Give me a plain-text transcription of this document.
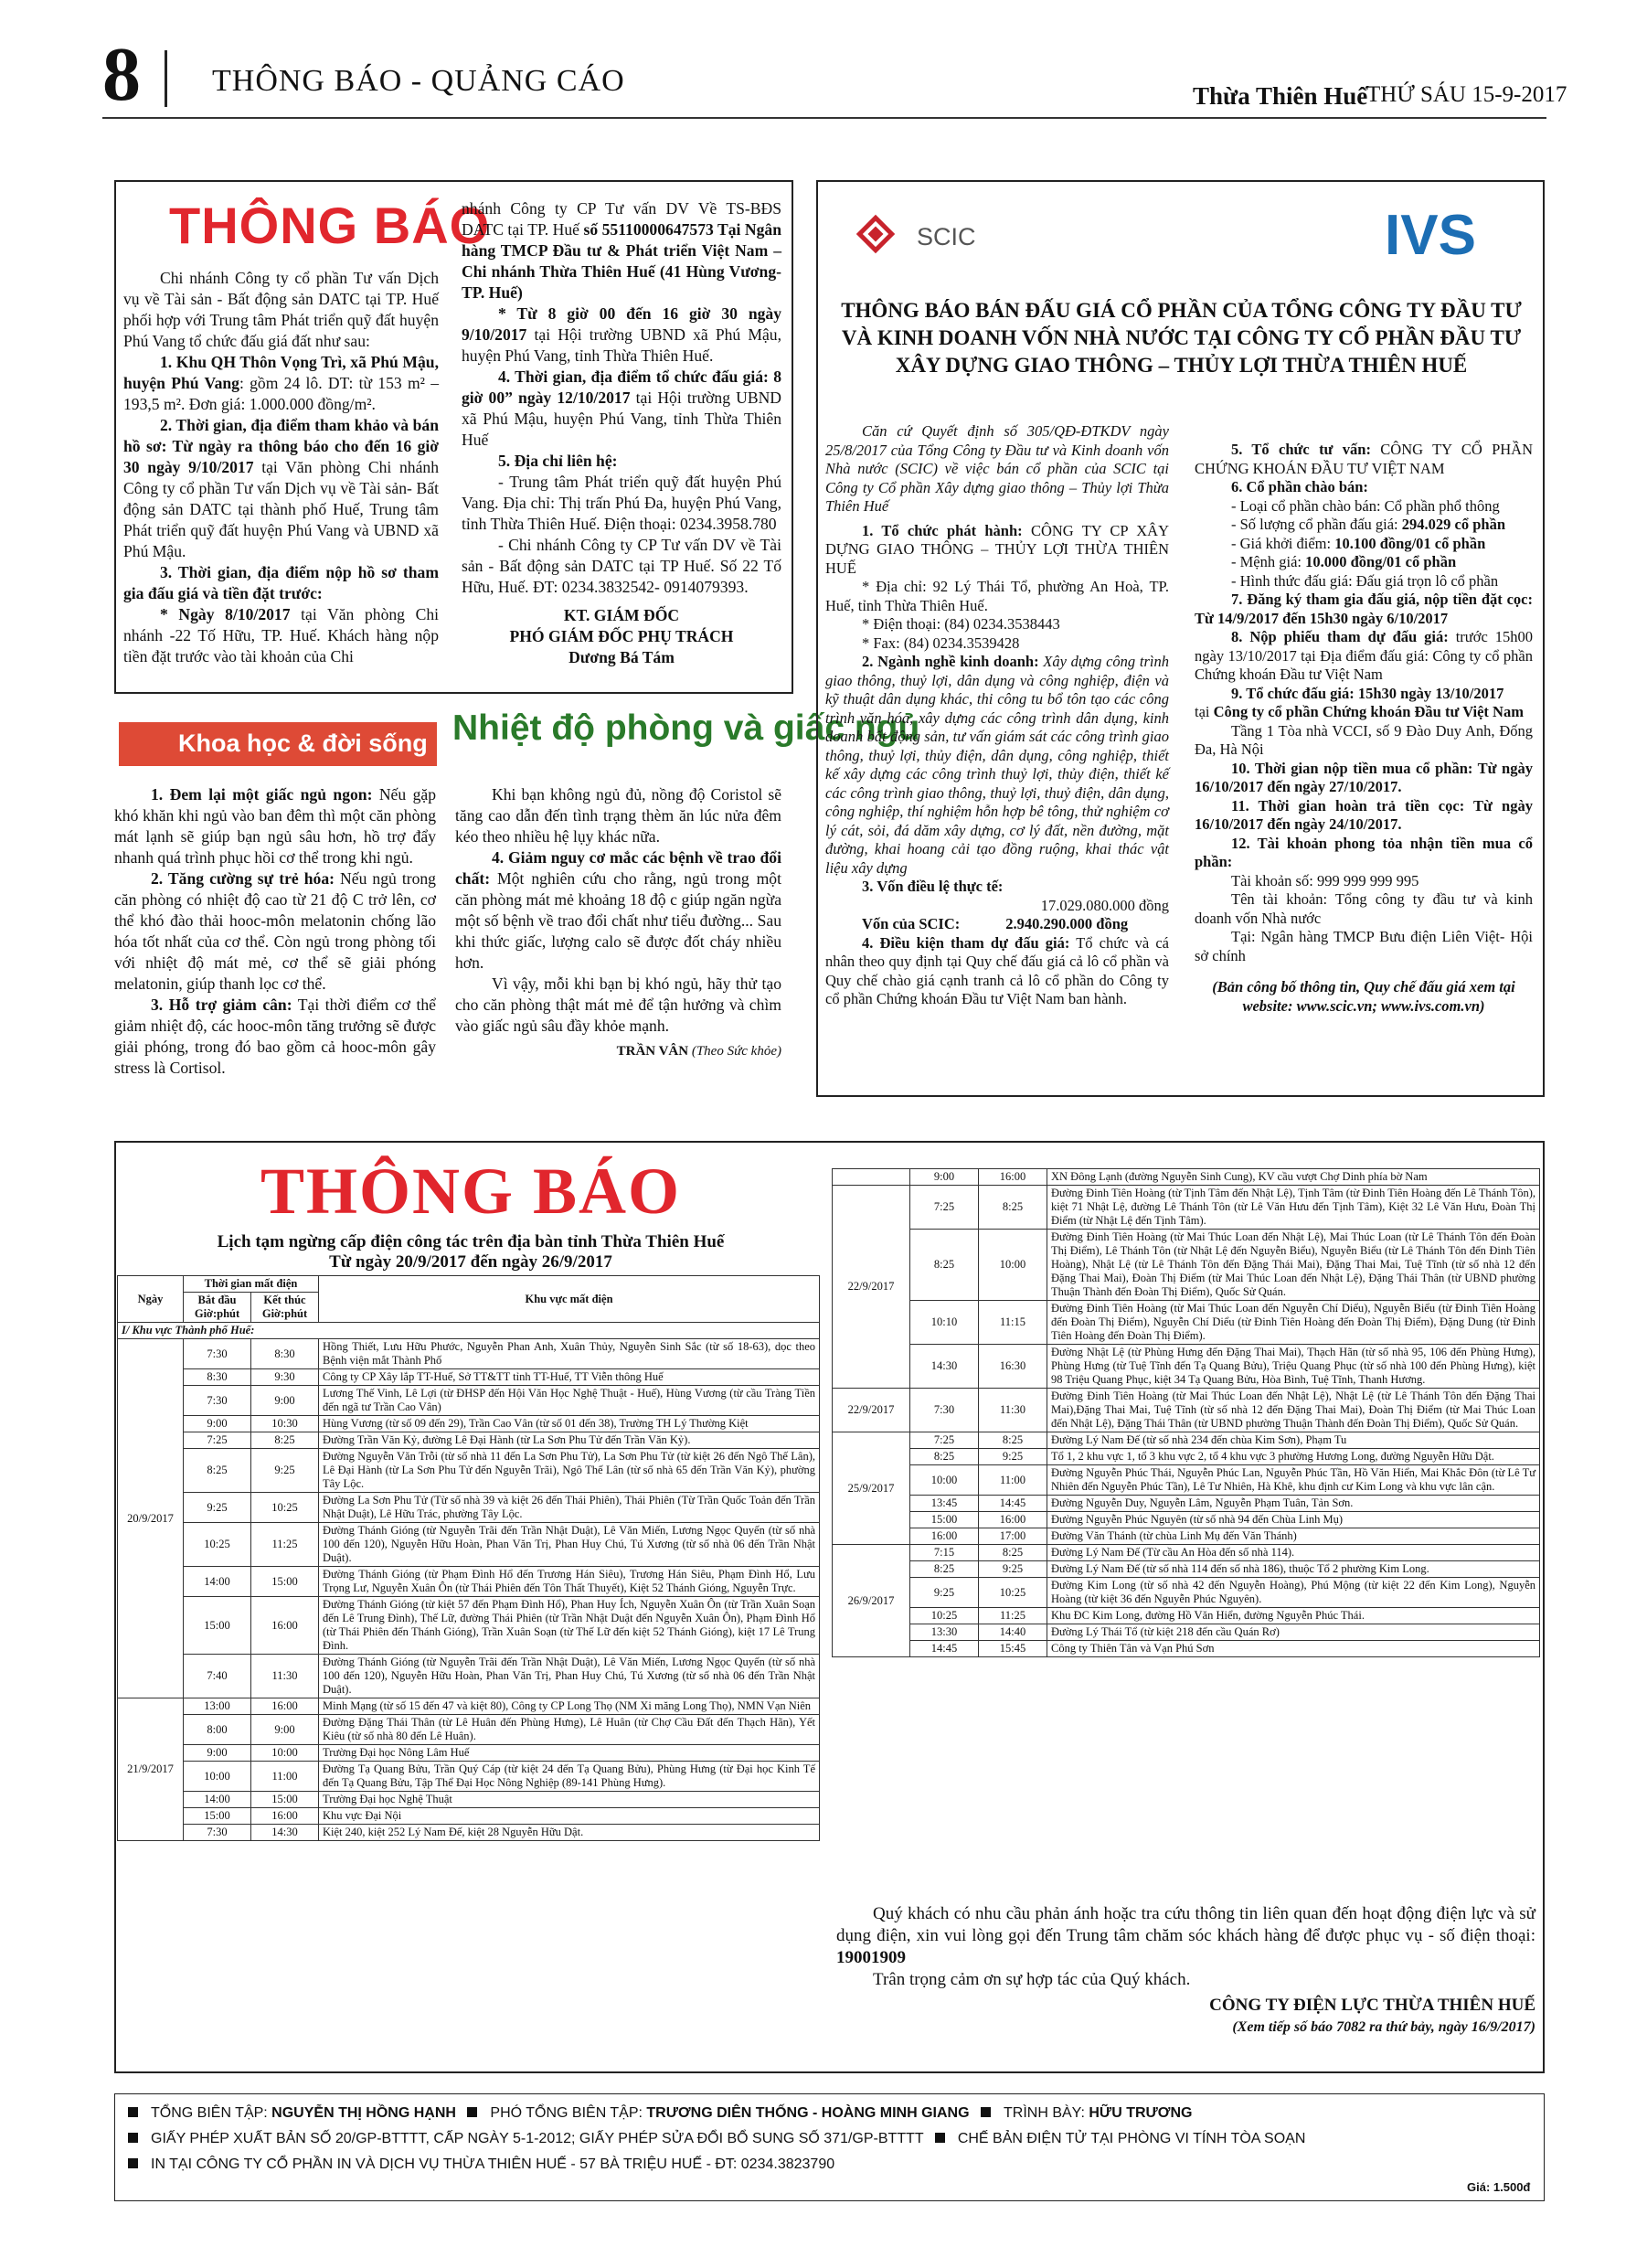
8 THÔNG BÁO - QUẢNG CÁO	Thừa Thiên Huế
THỨ SÁU 15-9-2017
THÔNG BÁO

Chi nhánh Công ty cổ phần Tư vấn Dịch vụ về Tài sản - Bất động sản DATC tại TP. Huế phối hợp với Trung tâm Phát triển quỹ đất huyện Phú Vang tổ chức đấu giá đất như sau:

1. Khu QH Thôn Vọng Trì, xã Phú Mậu, huyện Phú Vang: gồm 24 lô. DT: từ 153 m² – 193,5 m². Đơn giá: 1.000.000 đồng/m².

2. Thời gian, địa điểm tham khảo và bán hồ sơ: Từ ngày ra thông báo cho đến 16 giờ 30 ngày 9/10/2017 tại Văn phòng Chi nhánh Công ty cổ phần Tư vấn Dịch vụ về Tài sản- Bất động sản DATC tại thành phố Huế, Trung tâm Phát triển quỹ đất huyện Phú Vang và UBND xã Phú Mậu.

3. Thời gian, địa điểm nộp hồ sơ tham gia đấu giá và tiền đặt trước:

* Ngày 8/10/2017 tại Văn phòng Chi nhánh -22 Tố Hữu, TP. Huế. Khách hàng nộp tiền đặt trước vào tài khoản của Chi

nhánh Công ty CP Tư vấn DV Về TS-BĐS DATC tại TP. Huế số 55110000647573 Tại Ngân hàng TMCP Đầu tư & Phát triển Việt Nam – Chi nhánh Thừa Thiên Huế (41 Hùng Vương-TP. Huế)

* Từ 8 giờ 00 đến 16 giờ 30 ngày 9/10/2017 tại Hội trường UBND xã Phú Mậu, huyện Phú Vang, tỉnh Thừa Thiên Huế.

4. Thời gian, địa điểm tổ chức đấu giá: 8 giờ 00” ngày 12/10/2017 tại Hội trường UBND xã Phú Mậu, huyện Phú Vang, tỉnh Thừa Thiên Huế

5. Địa chỉ liên hệ:

- Trung tâm Phát triển quỹ đất huyện Phú Vang. Địa chỉ: Thị trấn Phú Đa, huyện Phú Vang, tỉnh Thừa Thiên Huế. Điện thoại: 0234.3958.780

- Chi nhánh Công ty CP Tư vấn DV về Tài sản - Bất động sản DATC tại TP Huế. Số 22 Tố Hữu, Huế. ĐT: 0234.3832542- 0914079393.

KT. GIÁM ĐỐC

PHÓ GIÁM ĐỐC PHỤ TRÁCH

Dương Bá Tám

Khoa học & đời sống Nhiệt độ phòng và giấc ngủ

1. Đem lại một giấc ngủ ngon: Nếu gặp khó khăn khi ngủ vào ban đêm thì một căn phòng mát lạnh sẽ giúp bạn ngủ sâu hơn, hồ trợ đẩy nhanh quá trình phục hồi cơ thể trong khi ngủ.

2. Tăng cường sự trẻ hóa: Nếu ngủ trong căn phòng có nhiệt độ cao từ 21 độ C trở lên, cơ thể khó đào thải hooc-môn melatonin chống lão hóa tốt nhất của cơ thể. Còn ngủ trong phòng tối với nhiệt độ mát mẻ, cơ thể sẽ giải phóng melatonin, giúp thanh lọc cơ thể.

3. Hỗ trợ giảm cân: Tại thời điểm cơ thể giảm nhiệt độ, các hooc-môn tăng trưởng sẽ được giải phóng, trong đó bao gồm cả hooc-môn gây stress là Cortisol.

Khi bạn không ngủ đủ, nồng độ Coristol sẽ tăng cao dẫn đến tình trạng thèm ăn lúc nửa đêm kéo theo nhiều hệ lụy khác nữa.

4. Giảm nguy cơ mắc các bệnh về trao đổi chất: Một nghiên cứu cho rằng, ngủ trong một căn phòng mát mẻ khoảng 18 độ c giúp ngăn ngừa một số bệnh về trao đổi chất như tiểu đường... Sau khi thức giấc, lượng calo sẽ được đốt cháy nhiều hơn.

Vì vậy, mỗi khi bạn bị khó ngủ, hãy thử tạo cho căn phòng thật mát mẻ để tận hưởng và chìm vào giấc ngủ sâu đầy khỏe mạnh.

TRẦN VÂN (Theo Sức khỏe)

SCIC	IVS
THÔNG BÁO BÁN ĐẤU GIÁ CỔ PHẦN CỦA TỔNG CÔNG TY ĐẦU TƯ VÀ KINH DOANH VỐN NHÀ NƯỚC TẠI CÔNG TY CỔ PHẦN ĐẦU TƯ XÂY DỰNG GIAO THÔNG – THỦY LỢI THỪA THIÊN HUẾ

Căn cứ Quyết định số 305/QĐ-ĐTKDV ngày 25/8/2017 của Tổng Công ty Đầu tư và Kinh doanh vốn Nhà nước (SCIC) về việc bán cổ phần của SCIC tại Công ty Cổ phần Xây dựng giao thông – Thủy lợi Thừa Thiên Huế

1. Tổ chức phát hành: CÔNG TY CP XÂY DỰNG GIAO THÔNG – THỦY LỢI THỪA THIÊN HUẾ

* Địa chỉ: 92 Lý Thái Tổ, phường An Hoà, TP. Huế, tỉnh Thừa Thiên Huế.

* Điện thoại: (84) 0234.3538443

* Fax: (84) 0234.3539428

2. Ngành nghề kinh doanh: Xây dựng công trình giao thông, thuỷ lợi, dân dụng và công nghiệp, điện và kỹ thuật dân dụng khác, thi công tu bổ tôn tạo các công trình văn hóa, xây dựng các công trình dân dụng, kinh doanh bất động sản, tư vấn giám sát các công trình giao thông, thuỷ lợi, thủy điện, dân dụng, công nghiệp, thiết kế xây dựng các công trình thuỷ lợi, thủy điện, thiết kế các công trình giao thông, thuỷ lợi, thuỷ điện, dân dụng, công nghiệp, thí nghiệm hỗn hợp bê tông, thử nghiệm cơ lý cát, sỏi, đá dăm xây dựng, cơ lý đất, nền đường, mặt đường, khai hoang cải tạo đồng ruộng, khai thác vật liệu xây dựng

3. Vốn điều lệ thực tế:

17.029.080.000 đồng

Vốn của SCIC:	2.940.290.000 đồng

4. Điều kiện tham dự đấu giá: Tổ chức và cá nhân theo quy định tại Quy chế đấu giá cả lô cổ phần và Quy chế chào giá cạnh tranh cả lô cổ phần do Công ty cổ phần Chứng khoán Đầu tư Việt Nam ban hành.

5. Tổ chức tư vấn: CÔNG TY CỔ PHẦN CHỨNG KHOÁN ĐẦU TƯ VIỆT NAM

6. Cổ phần chào bán:

- Loại cổ phần chào bán: Cổ phần phổ thông

- Số lượng cổ phần đấu giá: 294.029 cổ phần

- Giá khởi điểm: 10.100 đồng/01 cổ phần

- Mệnh giá: 10.000 đồng/01 cổ phần

- Hình thức đấu giá: Đấu giá trọn lô cổ phần

7. Đăng ký tham gia đấu giá, nộp tiền đặt cọc: Từ 14/9/2017 đến 15h30 ngày 6/10/2017

8. Nộp phiếu tham dự đấu giá: trước 15h00 ngày 13/10/2017 tại Địa điểm đấu giá: Công ty cổ phần Chứng khoán Đầu tư Việt Nam

9. Tổ chức đấu giá: 15h30 ngày 13/10/2017

tại Công ty cổ phần Chứng khoán Đầu tư Việt Nam

Tầng 1 Tòa nhà VCCI, số 9 Đào Duy Anh, Đống Đa, Hà Nội

10. Thời gian nộp tiền mua cổ phần: Từ ngày 16/10/2017 đến ngày 27/10/2017.

11. Thời gian hoàn trả tiền cọc: Từ ngày 16/10/2017 đến ngày 24/10/2017.

12. Tài khoản phong tỏa nhận tiền mua cổ phần:

Tài khoản số: 999 999 999 995

Tên tài khoản: Tổng công ty đầu tư và kinh doanh vốn Nhà nước

Tại: Ngân hàng TMCP Bưu điện Liên Việt- Hội sở chính

(Bản công bố thông tin, Quy chế đấu giá xem tại website: www.scic.vn; www.ivs.com.vn)

THÔNG BÁO
Lịch tạm ngừng cấp điện công tác trên địa bàn tỉnh Thừa Thiên Huế
Từ ngày 20/9/2017 đến ngày 26/9/2017
Ngày	Thời gian mất điện		Khu vực mất điện
	Bắt đầu Giờ:phút	Kết thúc Giờ:phút	
I/ Khu vực Thành phố Huế:			
20/9/2017	7:30	8:30	Hồng Thiết, Lưu Hữu Phước, Nguyễn Phan Anh, Xuân Thủy, Nguyễn Sinh Sắc (từ số 18-63), dọc theo Bệnh viện mắt Thành Phố
	8:30	9:30	Công ty CP Xây lắp TT-Huế, Sở TT&TT tỉnh TT-Huế, TT Viễn thông Huế
	7:30	9:00	Lương Thế Vinh, Lê Lợi (từ ĐHSP đến Hội Văn Học Nghệ Thuật - Huế), Hùng Vương (từ cầu Tràng Tiền đến ngã tư Trần Cao Vân)
	9:00	10:30	Hùng Vương (từ số 09 đến 29), Trần Cao Vân (từ số 01 đến 38), Trường TH Lý Thường Kiệt
	7:25	8:25	Đường Trần Văn Kỷ, đường Lê Đại Hành (từ La Sơn Phu Tử đến Trần Văn Kỷ).
	8:25	9:25	Đường Nguyễn Văn Trỗi (từ số nhà 11 đến La Sơn Phu Tử), La Sơn Phu Tử (từ kiệt 26 đến Ngô Thế Lân), Lê Đại Hành (từ La Sơn Phu Tử đến Nguyễn Trãi), Ngô Thế Lân (từ số nhà 65 đến Trần Văn Kỷ), phường Tây Lộc.
	9:25	10:25	Đường La Sơn Phu Tử (Từ số nhà 39 và kiệt 26 đến Thái Phiên), Thái Phiên (Từ Trần Quốc Toản đến Trần Nhật Duật), Lê Hữu Trác, phường Tây Lộc.
	10:25	11:25	Đường Thánh Gióng (từ Nguyễn Trãi đến Trần Nhật Duật), Lê Văn Miến, Lương Ngọc Quyến (từ số nhà 100 đến 120), Nguyễn Hữu Hoàn, Phan Văn Trị, Phan Huy Chú, Tú Xương (từ số nhà 06 đến Trần Nhật Duật).
	14:00	15:00	Đường Thánh Gióng (từ Phạm Đình Hổ đến Trương Hán Siêu), Trương Hán Siêu, Phạm Đình Hổ, Lưu Trọng Lư, Nguyễn Xuân Ôn (từ Thái Phiên đến Tôn Thất Thuyết), Kiệt 52 Thánh Gióng, Nguyễn Trực.
	15:00	16:00	Đường Thánh Gióng (từ kiệt 57 đến Phạm Đình Hổ), Phan Huy Ích, Nguyễn Xuân Ôn (từ Trần Xuân Soạn đến Lê Trung Đình), Thế Lữ, đường Thái Phiên (từ Trần Nhật Duật đến Nguyễn Xuân Ôn), Phạm Đình Hổ (từ Thái Phiên đến Thánh Gióng), Trần Xuân Soạn (từ Thế Lữ đến kiệt 52 Thánh Gióng), kiệt 17 Lê Trung Đình.
	7:40	11:30	Đường Thánh Gióng (từ Nguyễn Trãi đến Trần Nhật Duật), Lê Văn Miến, Lương Ngọc Quyến (từ số nhà 100 đến 120), Nguyễn Hữu Hoàn, Phan Văn Trị, Phan Huy Chú, Tú Xương (từ số nhà 06 đến Trần Nhật Duật).
21/9/2017	13:00	16:00	Minh Mạng (từ số 15 đến 47 và kiệt 80), Công ty CP Long Thọ (NM Xi măng Long Thọ), NMN Vạn Niên
	8:00	9:00	Đường Đặng Thái Thân (từ Lê Huân đến Phùng Hưng), Lê Huân (từ Chợ Cầu Đất đến Thạch Hãn), Yết Kiêu (từ số nhà 80 đến Lê Huân).
	9:00	10:00	Trường Đại học Nông Lâm Huế
	10:00	11:00	Đường Tạ Quang Bửu, Trần Quý Cáp (từ kiệt 24 đến Tạ Quang Bửu), Phùng Hưng (từ Đại học Kinh Tế đến Tạ Quang Bửu, Tập Thể Đại Học Nông Nghiệp (89-141 Phùng Hưng).
	14:00	15:00	Trường Đại học Nghệ Thuật
	15:00	16:00	Khu vực Đại Nội
	7:30	14:30	Kiệt 240, kiệt 252 Lý Nam Đế, kiệt 28 Nguyễn Hữu Dật.
	9:00	16:00	XN Đông Lạnh (đường Nguyễn Sinh Cung), KV cầu vượt Chợ Dinh phía bờ Nam
22/9/2017	7:25	8:25	Đường Đinh Tiên Hoàng (từ Tịnh Tâm đến Nhật Lệ), Tịnh Tâm (từ Đinh Tiên Hoàng đến Lê Thánh Tôn), kiệt 71 Nhật Lệ, đường Lê Thánh Tôn (từ Lê Văn Hưu đến Tịnh Tâm), Kiệt 32 Lê Văn Hưu, Đoàn Thị Điểm (từ Nhật Lệ đến Tịnh Tâm).
	8:25	10:00	Đường Đinh Tiên Hoàng (từ Mai Thúc Loan đến Nhật Lệ), Mai Thúc Loan (từ Lê Thánh Tôn đến Đoàn Thị Điểm), Lê Thánh Tôn (từ Nhật Lệ đến Nguyễn Biểu), Nguyễn Biểu (từ Lê Thánh Tôn đến Đinh Tiên Hoàng), Nhật Lệ (từ Lê Thánh Tôn đến Đặng Thái Mai), Đặng Thai Mai, Tuệ Tĩnh (từ số nhà 12 đến Đặng Thai Mai), Đoàn Thị Điểm (từ Mai Thúc Loan đến Nhật Lệ), Đặng Thái Thân (từ UBND phường Thuận Thành đến Đoàn Thị Điểm), Quốc Sử Quán.
	10:10	11:15	Đường Đinh Tiên Hoàng (từ Mai Thúc Loan đến Nguyễn Chí Diểu), Nguyễn Biểu (từ Đinh Tiên Hoàng đến Đoàn Thị Điểm), Nguyễn Chí Diểu (từ Đinh Tiên Hoàng đến Đoàn Thị Điểm), Đặng Dung (từ Đinh Tiên Hoàng đến Đoàn Thị Điểm).
	14:30	16:30	Đường Nhật Lệ (từ Phùng Hưng đến Đặng Thai Mai), Thạch Hãn (từ số nhà 95, 106 đến Phùng Hưng), Phùng Hưng (từ Tuệ Tĩnh đến Tạ Quang Bửu), Triệu Quang Phục (từ số nhà 100 đến Phùng Hưng), kiệt 98 Triệu Quang Phục, kiệt 34 Tạ Quang Bửu, Hòa Bình, Tuệ Tĩnh, Thanh Hương.
22/9/2017	7:30	11:30	Đường Đinh Tiên Hoàng (từ Mai Thúc Loan đến Nhật Lệ), Nhật Lệ (từ Lê Thánh Tôn đến Đặng Thai Mai),Đặng Thai Mai, Tuệ Tĩnh (từ số nhà 12 đến Đặng Thai Mai), Đoàn Thị Điểm (từ Mai Thúc Loan đến Nhật Lệ), Đặng Thái Thân (từ UBND phường Thuận Thành đến Đoàn Thị Điểm), Quốc Sử Quán.
25/9/2017	7:25	8:25	Đường Lý Nam Đế (từ số nhà 234 đến chùa Kim Sơn), Phạm Tu
	8:25	9:25	Tổ 1, 2 khu vực 1, tổ 3 khu vực 2, tổ 4 khu vực 3 phường Hương Long, đường Nguyễn Hữu Dật.
	10:00	11:00	Đường Nguyễn Phúc Thái, Nguyễn Phúc Lan, Nguyễn Phúc Tần, Hồ Văn Hiển, Mai Khắc Đôn (từ Lê Tư Nhiên đến Nguyễn Phúc Tần), Lê Tư Nhiên, Hà Khê, khu định cư Kim Long và khu vực lân cận.
	13:45	14:45	Đường Nguyễn Duy, Nguyễn Lâm, Nguyễn Phạm Tuân, Tản Sơn.
	15:00	16:00	Đường Nguyễn Phúc Nguyên (từ số nhà 94 đến Chùa Linh Mụ)
	16:00	17:00	Đường Văn Thánh (từ chùa Linh Mụ đến Văn Thánh)
26/9/2017	7:15	8:25	Đường Lý Nam Đế (Từ cầu An Hòa đến số nhà 114).
	8:25	9:25	Đường Lý Nam Đế (từ số nhà 114 đến số nhà 186), thuộc Tổ 2 phường Kim Long.
	9:25	10:25	Đường Kim Long (từ số nhà 42 đến Nguyễn Hoàng), Phú Mộng (từ kiệt 22 đến Kim Long), Nguyễn Hoàng (từ kiệt 36 đến Nguyễn Phúc Nguyên).
	10:25	11:25	Khu ĐC Kim Long, đường Hồ Văn Hiển, đường Nguyễn Phúc Thái.
	13:30	14:40	Đường Lý Thái Tổ (từ kiệt 218 đến cầu Quán Rơ)
	14:45	15:45	Công ty Thiên Tân và Vạn Phú Sơn

Quý khách có nhu cầu phản ánh hoặc tra cứu thông tin liên quan đến hoạt động điện lực và sử dụng điện, xin vui lòng gọi đến Trung tâm chăm sóc khách hàng để được phục vụ - số điện thoại: 19001909

Trân trọng cảm ơn sự hợp tác của Quý khách.

CÔNG TY ĐIỆN LỰC THỪA THIÊN HUẾ

(Xem tiếp số báo 7082 ra thứ bảy, ngày 16/9/2017)

TỔNG BIÊN TẬP: NGUYỄN THỊ HỒNG HẠNH PHÓ TỔNG BIÊN TẬP: TRƯƠNG DIÊN THỐNG - HOÀNG MINH GIANG TRÌNH BÀY: HỮU TRƯƠNG
GIẤY PHÉP XUẤT BẢN SỐ 20/GP-BTTTT, CẤP NGÀY 5-1-2012; GIẤY PHÉP SỬA ĐỔI BỔ SUNG SỐ 371/GP-BTTTT CHẾ BẢN ĐIỆN TỬ TẠI PHÒNG VI TÍNH TÒA SOẠN
IN TẠI CÔNG TY CỔ PHẦN IN VÀ DỊCH VỤ THỪA THIÊN HUẾ - 57 BÀ TRIỆU HUẾ - ĐT: 0234.3823790
Giá: 1.500đ
